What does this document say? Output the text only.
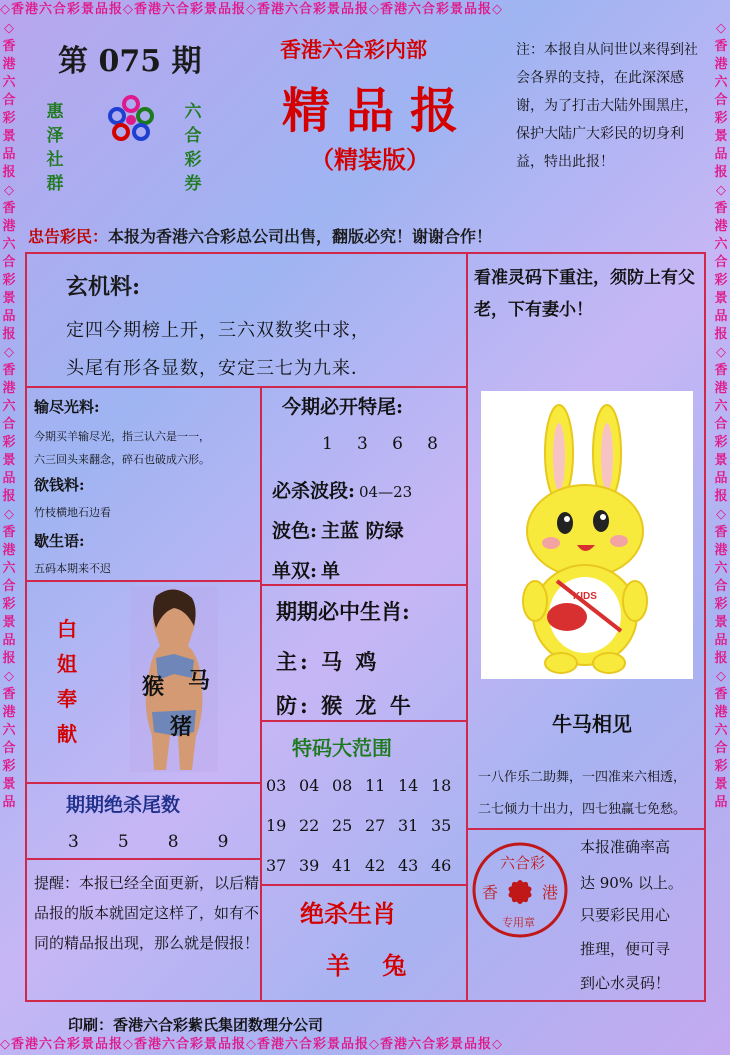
◇香港六合彩景品报◇香港六合彩景品报◇香港六合彩景品报◇香港六合彩景品报◇
◇香港六合彩景品报◇香港六合彩景品报◇香港六合彩景品报◇香港六合彩景品报◇
◇香港六合彩景品报◇香港六合彩景品报◇香港六合彩景品报◇香港六合彩景品报◇香港六合彩景品
◇香港六合彩景品报◇香港六合彩景品报◇香港六合彩景品报◇香港六合彩景品报◇香港六合彩景品
第 075 期
惠
泽
社
群
六
合
彩
券
香港六合彩内部
精品报
（精装版）
注：本报自从问世以来得到社会各界的支持，在此深深感谢，为了打击大陆外围黑庄，保护大陆广大彩民的切身利益，特出此报！
忠告彩民：本报为香港六合彩总公司出售，翻版必究！谢谢合作！
玄机料:
定四今期榜上开，三六双数奖中求，
头尾有形各显数，安定三七为九来．
看准灵码下重注，须防上有父老，下有妻小！
输尽光料:
今期买羊输尽光，指三认六是一一，
六三回头来翻念，碎石也破成六形。
欲钱料:
竹枝横地石边看
歇生语:
五码本期来不迟
今期必开特尾:
1 3 6 8
必杀波段: 04—23
波色: 主蓝 防绿
单双: 单
期期必中生肖:
主: 马 鸡
防: 猴 龙 牛
白
姐
奉
献
猴 马
猪
期期绝杀尾数
3 5 8 9
特码大范围
03 04 08 11 14 18
19 22 25 27 31 35
37 39 41 42 43 46
提醒：本报已经全面更新，以后精品报的版本就固定这样了，如有不同的精品报出现，那么就是假报！
绝杀生肖
羊 兔
KIDS
牛马相见
一八作乐二助舞，一四准来六相透，
二七倾力十出力，四七独赢七免愁。
本报准确率高
达 90% 以上。
只要彩民用心
推理，便可寻
到心水灵码！
六合彩
香	港
专用章
印刷：香港六合彩紫氏集团数理分公司
